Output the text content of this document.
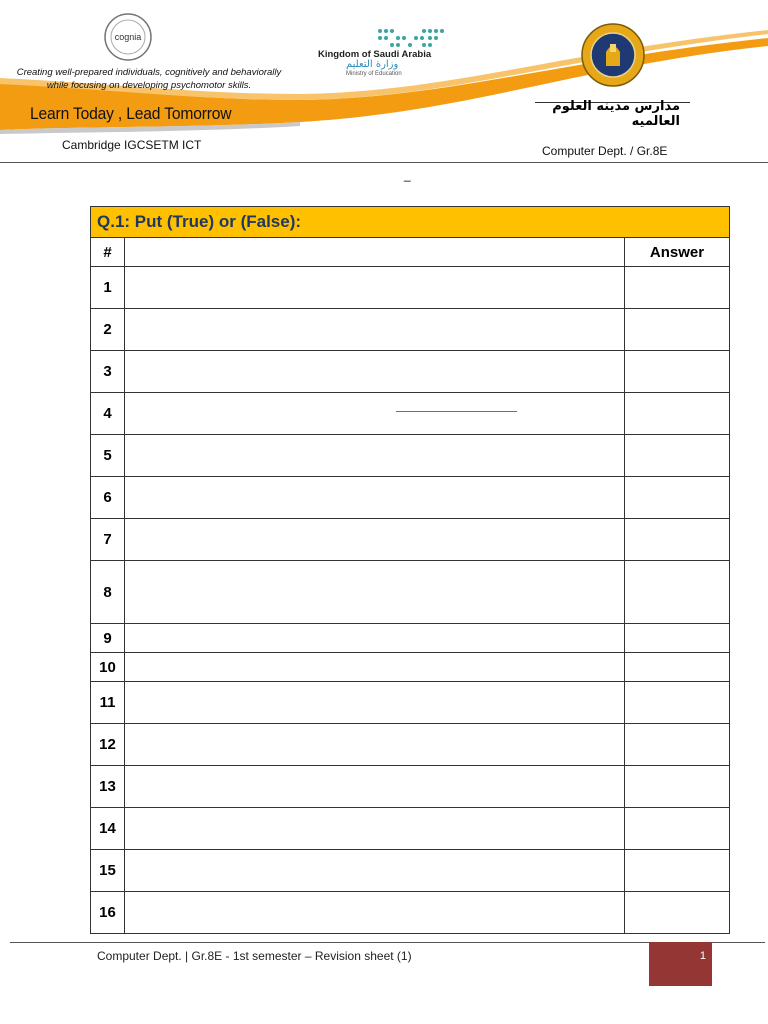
cognia
Kingdom of Saudi Arabia
وزارة التعليم
Ministry of Education
Creating well-prepared individuals, cognitively and behaviorally
while focusing on developing psychomotor skills.
Learn Today , Lead Tomorrow	مدارس مدينه العلوم العالميه
Cambridge IGCSETM ICT	Computer Dept. / Gr.8E
_
Q.1: Put (True) or (False):		
#		Answer
1		
2		
3		
4		
5		
6		
7		
8		
9		
10		
11		
12		
13		
14		
15		
16		
Computer Dept. | Gr.8E - 1st semester – Revision sheet (1)	1
